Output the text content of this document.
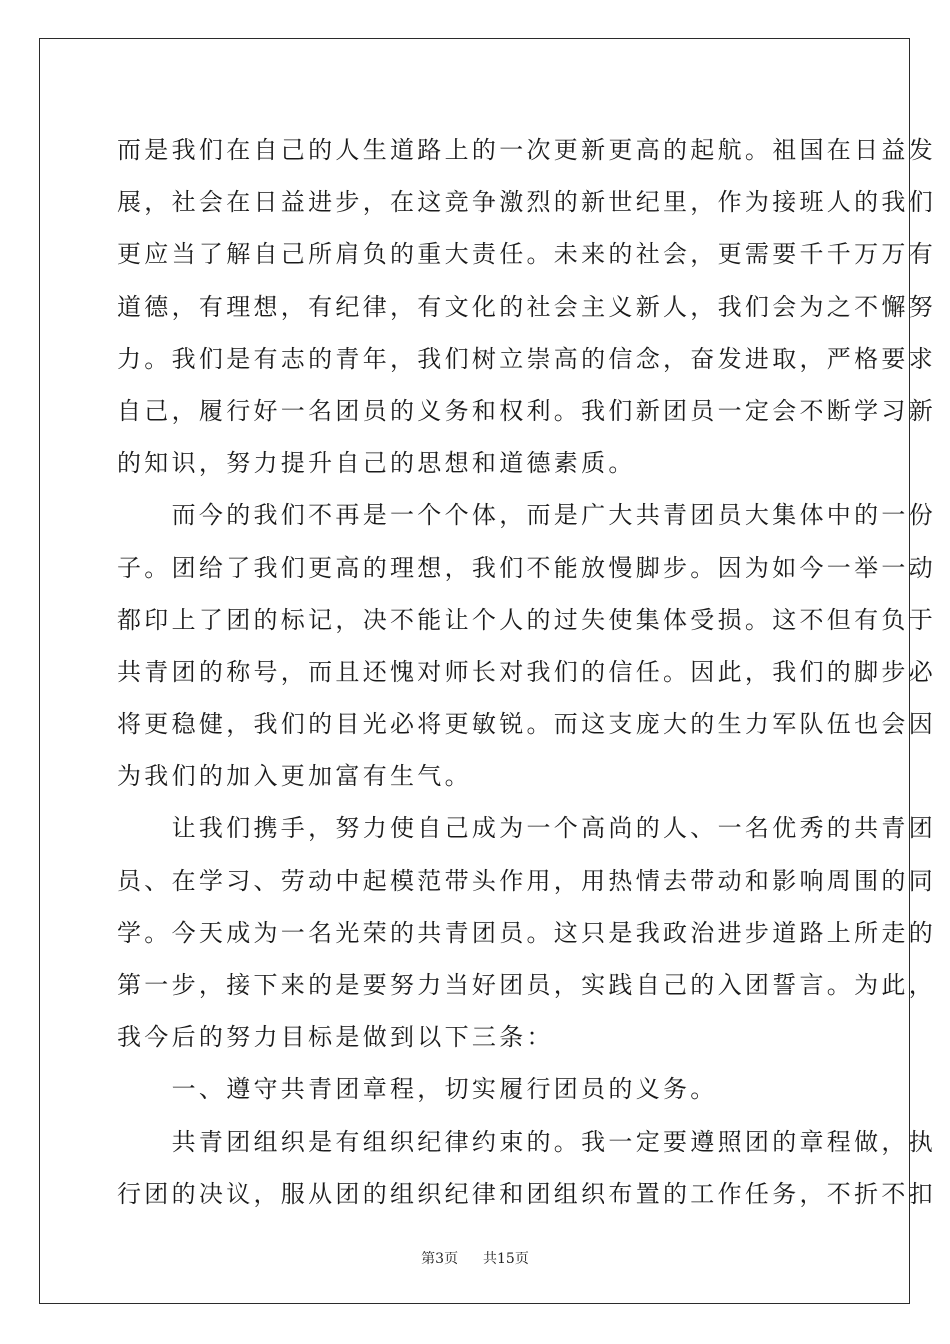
而是我们在自己的人生道路上的一次更新更高的起航。祖国在日益发
展，社会在日益进步，在这竞争激烈的新世纪里，作为接班人的我们
更应当了解自己所肩负的重大责任。未来的社会，更需要千千万万有
道德，有理想，有纪律，有文化的社会主义新人，我们会为之不懈努
力。我们是有志的青年，我们树立崇高的信念，奋发进取，严格要求
自己，履行好一名团员的义务和权利。我们新团员一定会不断学习新
的知识，努力提升自己的思想和道德素质。
　　而今的我们不再是一个个体，而是广大共青团员大集体中的一份
子。团给了我们更高的理想，我们不能放慢脚步。因为如今一举一动
都印上了团的标记，决不能让个人的过失使集体受损。这不但有负于
共青团的称号，而且还愧对师长对我们的信任。因此，我们的脚步必
将更稳健，我们的目光必将更敏锐。而这支庞大的生力军队伍也会因
为我们的加入更加富有生气。
　　让我们携手，努力使自己成为一个高尚的人、一名优秀的共青团
员、在学习、劳动中起模范带头作用，用热情去带动和影响周围的同
学。今天成为一名光荣的共青团员。这只是我政治进步道路上所走的
第一步，接下来的是要努力当好团员，实践自己的入团誓言。为此，
我今后的努力目标是做到以下三条：
　　一、遵守共青团章程，切实履行团员的义务。
　　共青团组织是有组织纪律约束的。我一定要遵照团的章程做，执
行团的决议，服从团的组织纪律和团组织布置的工作任务，不折不扣
第3页 共15页
